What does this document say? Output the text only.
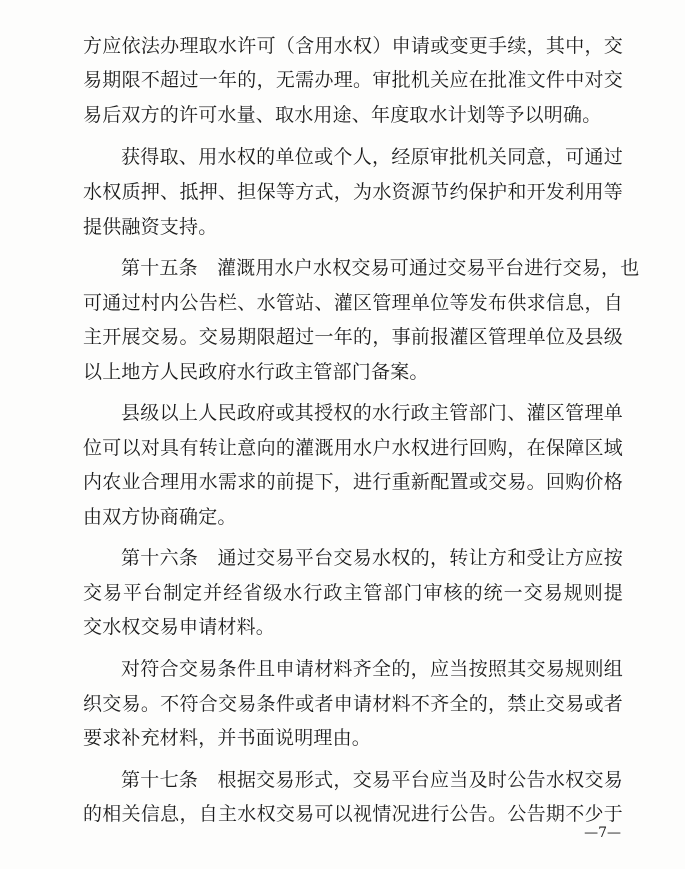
方应依法办理取水许可（含用水权）申请或变更手续，其中，交
易期限不超过一年的，无需办理。审批机关应在批准文件中对交
易后双方的许可水量、取水用途、年度取水计划等予以明确。
获得取、用水权的单位或个人，经原审批机关同意，可通过
水权质押、抵押、担保等方式，为水资源节约保护和开发利用等
提供融资支持。
第十五条　灌溉用水户水权交易可通过交易平台进行交易，也
可通过村内公告栏、水管站、灌区管理单位等发布供求信息，自
主开展交易。交易期限超过一年的，事前报灌区管理单位及县级
以上地方人民政府水行政主管部门备案。
县级以上人民政府或其授权的水行政主管部门、灌区管理单
位可以对具有转让意向的灌溉用水户水权进行回购，在保障区域
内农业合理用水需求的前提下，进行重新配置或交易。回购价格
由双方协商确定。
第十六条　通过交易平台交易水权的，转让方和受让方应按
交易平台制定并经省级水行政主管部门审核的统一交易规则提
交水权交易申请材料。
对符合交易条件且申请材料齐全的，应当按照其交易规则组
织交易。不符合交易条件或者申请材料不齐全的，禁止交易或者
要求补充材料，并书面说明理由。
第十七条　根据交易形式，交易平台应当及时公告水权交易
的相关信息，自主水权交易可以视情况进行公告。公告期不少于
—7—
